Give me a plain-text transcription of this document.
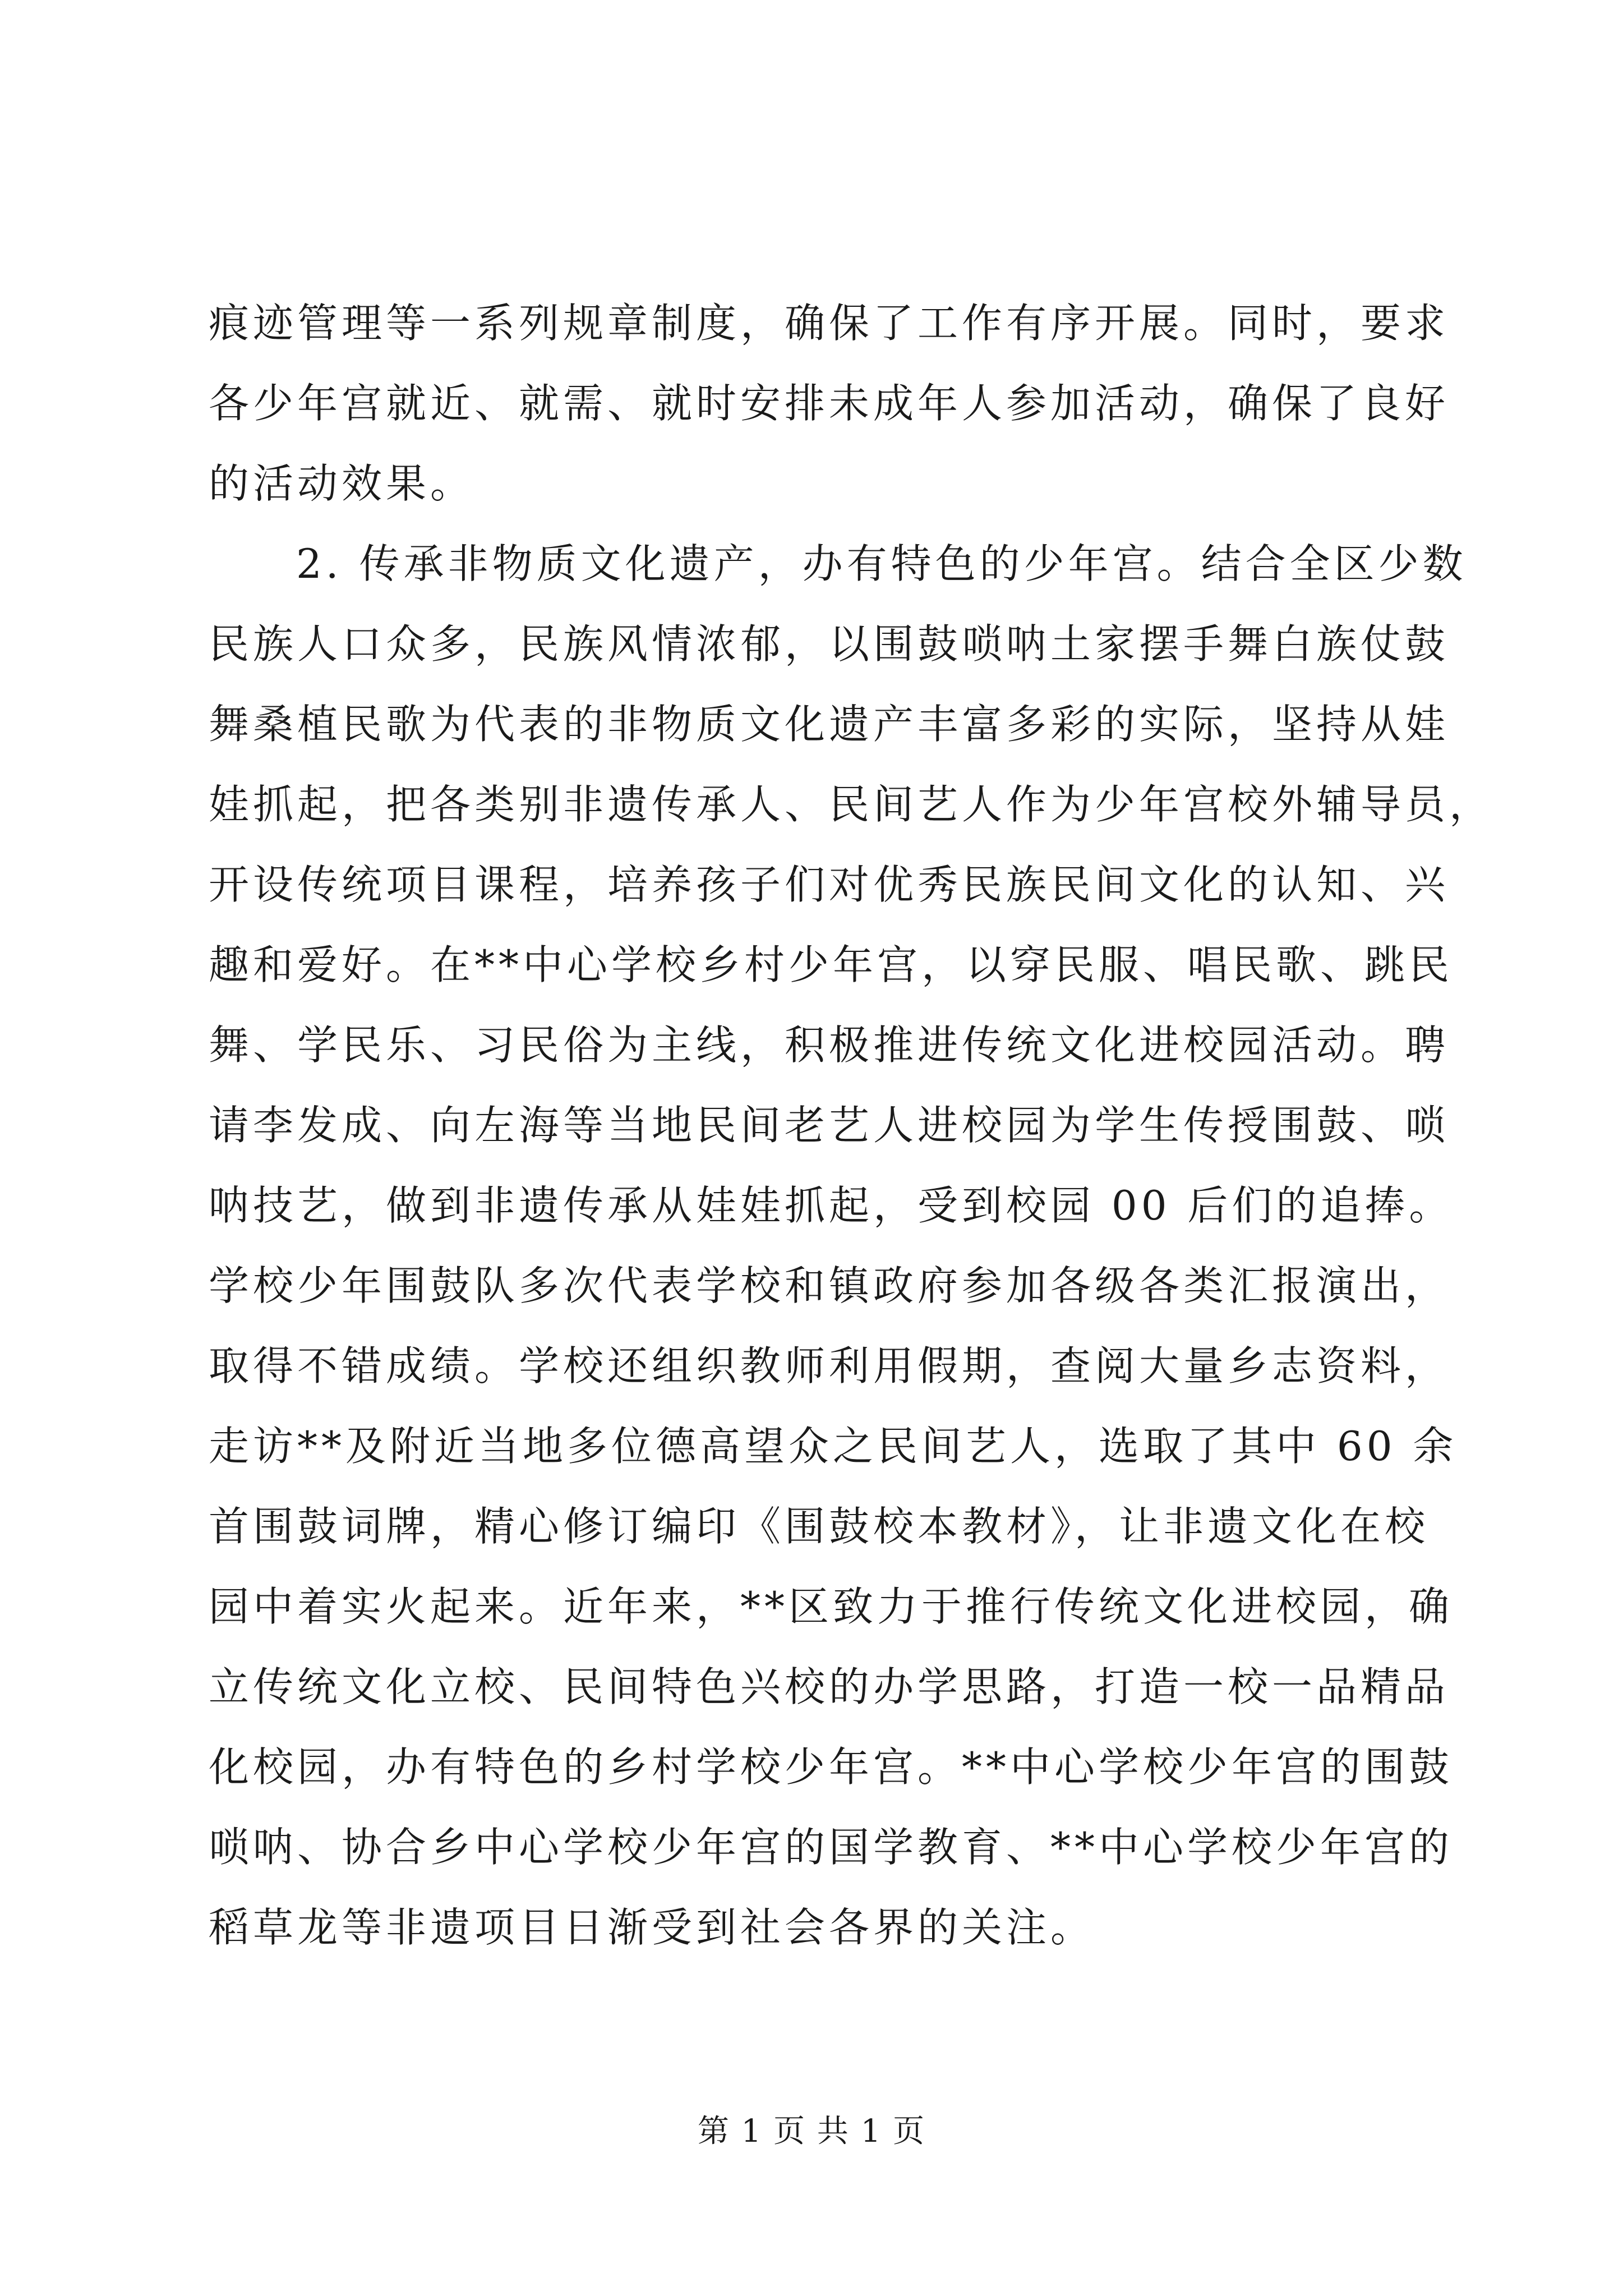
痕迹管理等一系列规章制度，确保了工作有序开展。同时，要求
各少年宫就近、就需、就时安排未成年人参加活动，确保了良好
的活动效果。
2. 传承非物质文化遗产，办有特色的少年宫。结合全区少数
民族人口众多，民族风情浓郁，以围鼓唢呐土家摆手舞白族仗鼓
舞桑植民歌为代表的非物质文化遗产丰富多彩的实际，坚持从娃
娃抓起，把各类别非遗传承人、民间艺人作为少年宫校外辅导员，
开设传统项目课程，培养孩子们对优秀民族民间文化的认知、兴
趣和爱好。在**中心学校乡村少年宫，以穿民服、唱民歌、跳民
舞、学民乐、习民俗为主线，积极推进传统文化进校园活动。聘
请李发成、向左海等当地民间老艺人进校园为学生传授围鼓、唢
呐技艺，做到非遗传承从娃娃抓起，受到校园 00 后们的追捧。
学校少年围鼓队多次代表学校和镇政府参加各级各类汇报演出，
取得不错成绩。学校还组织教师利用假期，查阅大量乡志资料，
走访**及附近当地多位德高望众之民间艺人，选取了其中 60 余
首围鼓词牌，精心修订编印《围鼓校本教材》，让非遗文化在校
园中着实火起来。近年来，**区致力于推行传统文化进校园，确
立传统文化立校、民间特色兴校的办学思路，打造一校一品精品
化校园，办有特色的乡村学校少年宫。**中心学校少年宫的围鼓
唢呐、协合乡中心学校少年宫的国学教育、**中心学校少年宫的
稻草龙等非遗项目日渐受到社会各界的关注。
第 1 页 共 1 页
